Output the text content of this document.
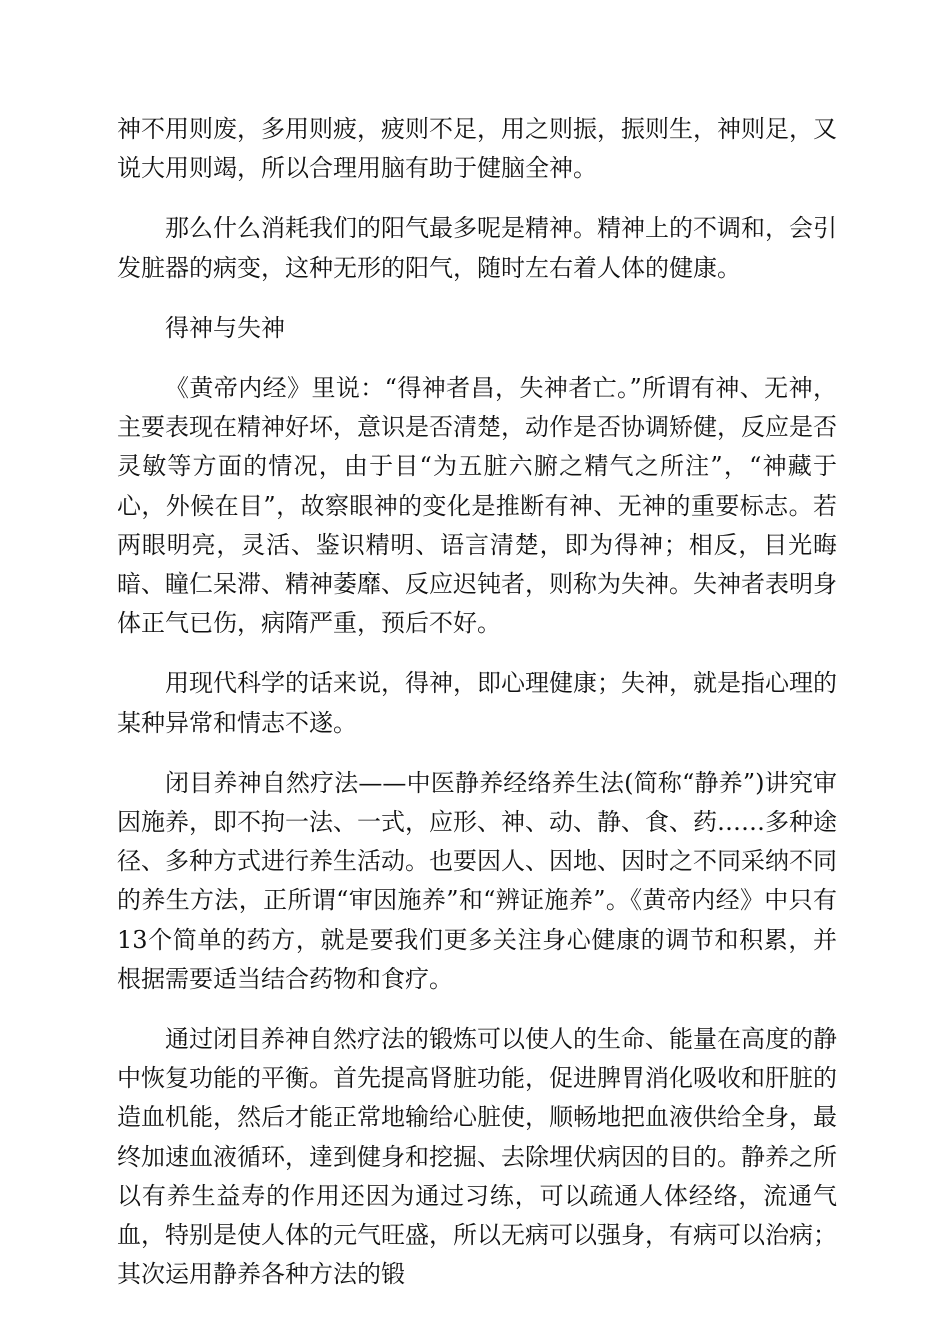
神不用则废，多用则疲，疲则不足，用之则振，振则生，神则足，又说大用则竭，所以合理用脑有助于健脑全神。

那么什么消耗我们的阳气最多呢是精神。精神上的不调和，会引发脏器的病变，这种无形的阳气，随时左右着人体的健康。

得神与失神

《黄帝内经》里说：“得神者昌，失神者亡。”所谓有神、无神，主要表现在精神好坏，意识是否清楚，动作是否协调矫健，反应是否灵敏等方面的情况，由于目“为五脏六腑之精气之所注”，“神藏于心，外候在目”，故察眼神的变化是推断有神、无神的重要标志。若两眼明亮，灵活、鉴识精明、语言清楚，即为得神；相反，目光晦暗、瞳仁呆滞、精神萎靡、反应迟钝者，则称为失神。失神者表明身体正气已伤，病隋严重，预后不好。

用现代科学的话来说，得神，即心理健康；失神，就是指心理的某种异常和情志不遂。

闭目养神自然疗法——中医静养经络养生法(简称“静养”)讲究审因施养，即不拘一法、一式，应形、神、动、静、食、药……多种途径、多种方式进行养生活动。也要因人、因地、因时之不同采纳不同的养生方法，正所谓“审因施养”和“辨证施养”。《黄帝内经》中只有13个简单的药方，就是要我们更多关注身心健康的调节和积累，并根据需要适当结合药物和食疗。

通过闭目养神自然疗法的锻炼可以使人的生命、能量在高度的静中恢复功能的平衡。首先提高肾脏功能，促进脾胃消化吸收和肝脏的造血机能，然后才能正常地输给心脏使，顺畅地把血液供给全身，最终加速血液循环，達到健身和挖掘、去除埋伏病因的目的。静养之所以有养生益寿的作用还因为通过习练，可以疏通人体经络，流通气血，特别是使人体的元气旺盛，所以无病可以强身，有病可以治病；其次运用静养各种方法的锻
